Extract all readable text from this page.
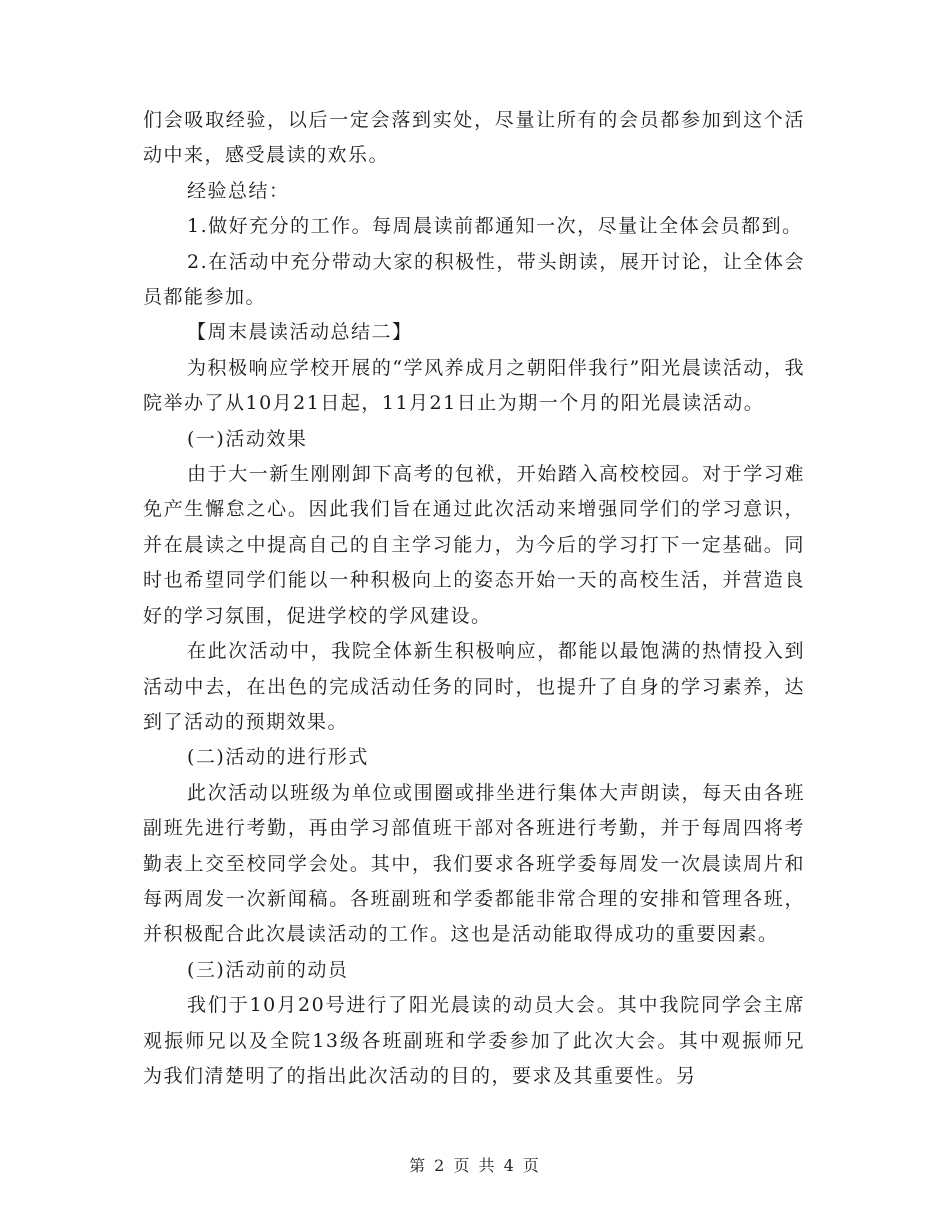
们会吸取经验，以后一定会落到实处，尽量让所有的会员都参加到这个活动中来，感受晨读的欢乐。

经验总结：

1.做好充分的工作。每周晨读前都通知一次，尽量让全体会员都到。

2.在活动中充分带动大家的积极性，带头朗读，展开讨论，让全体会员都能参加。

【周末晨读活动总结二】

为积极响应学校开展的“学风养成月之朝阳伴我行”阳光晨读活动，我院举办了从10月21日起，11月21日止为期一个月的阳光晨读活动。

(一)活动效果

由于大一新生刚刚卸下高考的包袱，开始踏入高校校园。对于学习难免产生懈怠之心。因此我们旨在通过此次活动来增强同学们的学习意识，并在晨读之中提高自己的自主学习能力，为今后的学习打下一定基础。同时也希望同学们能以一种积极向上的姿态开始一天的高校生活，并营造良好的学习氛围，促进学校的学风建设。

在此次活动中，我院全体新生积极响应，都能以最饱满的热情投入到活动中去，在出色的完成活动任务的同时，也提升了自身的学习素养，达到了活动的预期效果。

(二)活动的进行形式

此次活动以班级为单位或围圈或排坐进行集体大声朗读，每天由各班副班先进行考勤，再由学习部值班干部对各班进行考勤，并于每周四将考勤表上交至校同学会处。其中，我们要求各班学委每周发一次晨读周片和每两周发一次新闻稿。各班副班和学委都能非常合理的安排和管理各班，并积极配合此次晨读活动的工作。这也是活动能取得成功的重要因素。

(三)活动前的动员

我们于10月20号进行了阳光晨读的动员大会。其中我院同学会主席观振师兄以及全院13级各班副班和学委参加了此次大会。其中观振师兄为我们清楚明了的指出此次活动的目的，要求及其重要性。另

第 2 页 共 4 页
